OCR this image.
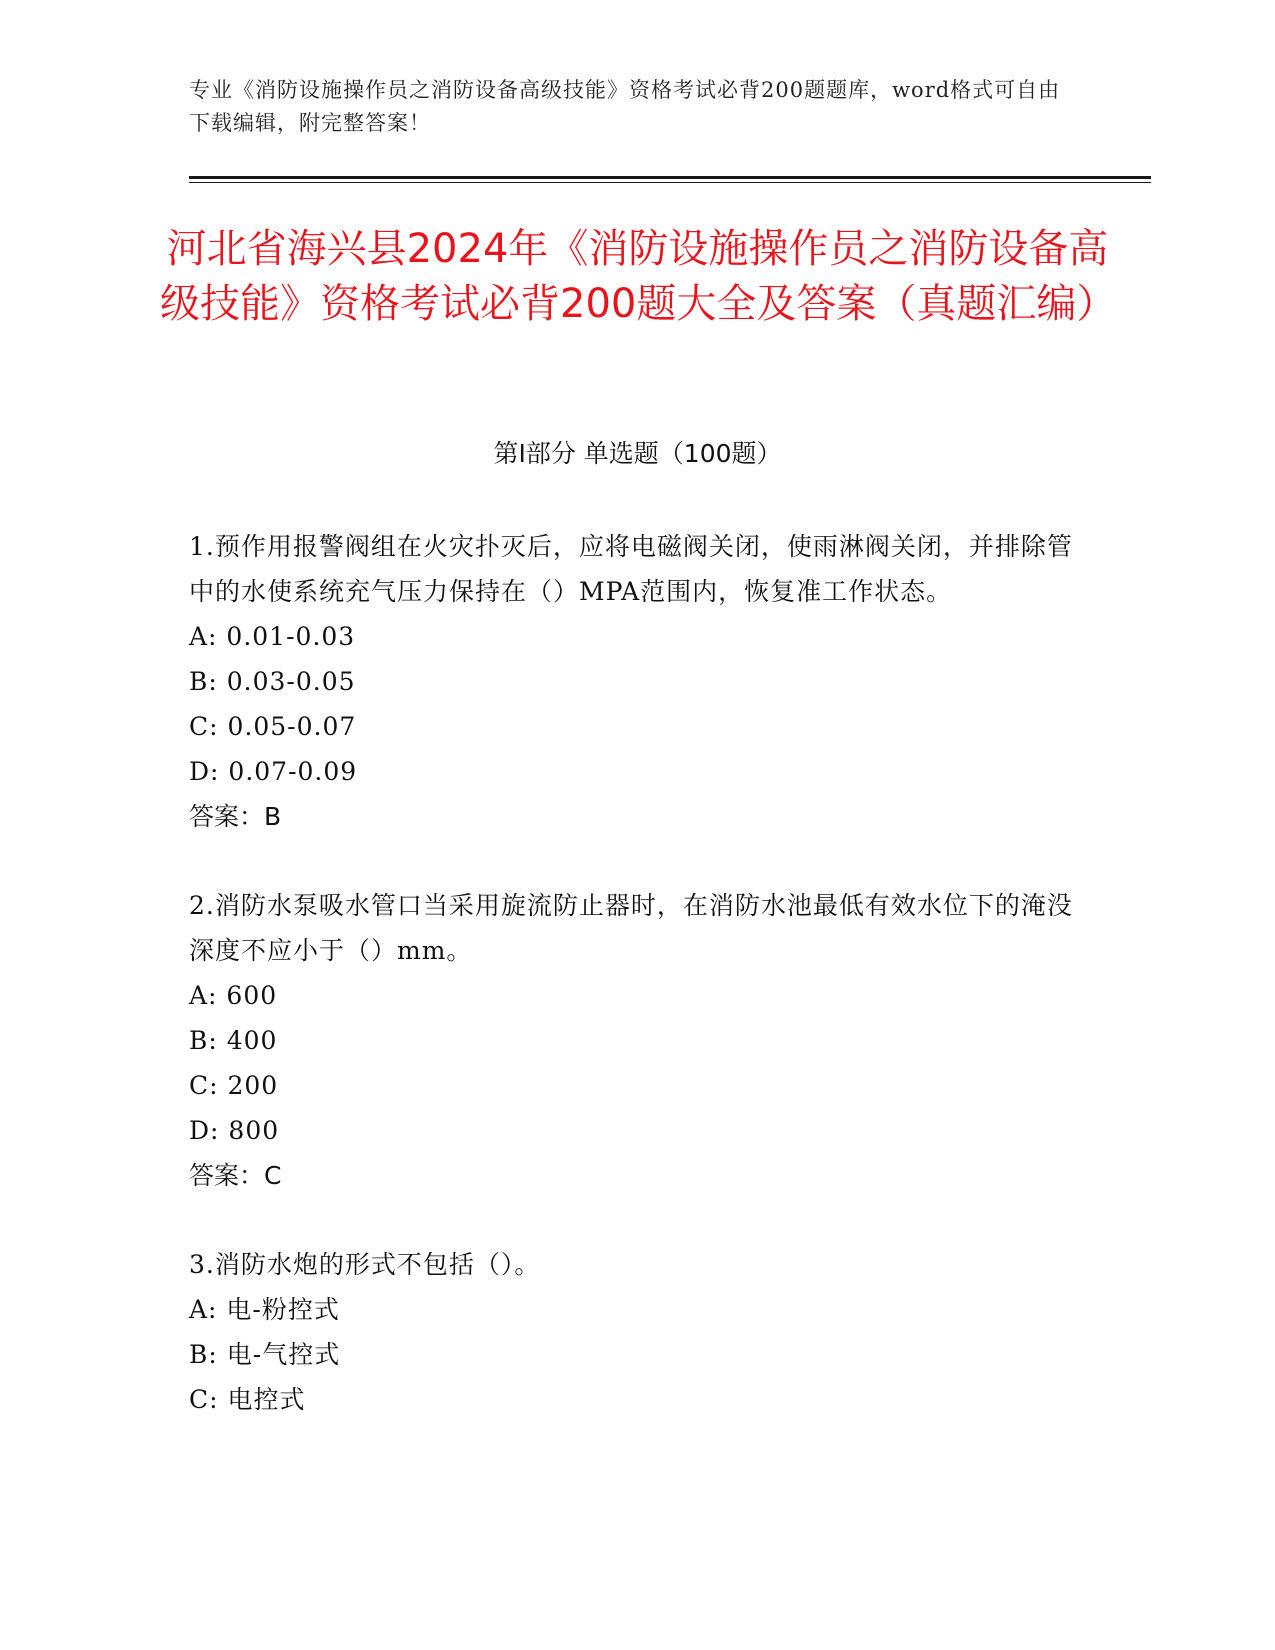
专业《消防设施操作员之消防设备高级技能》资格考试必背200题题库，word格式可自由下载编辑，附完整答案！
河北省海兴县2024年《消防设施操作员之消防设备高级技能》资格考试必背200题大全及答案（真题汇编）
第I部分 单选题（100题）

1.预作用报警阀组在火灾扑灭后，应将电磁阀关闭，使雨淋阀关闭，并排除管中的水使系统充气压力保持在（）MPA范围内，恢复准工作状态。

A: 0.01-0.03

B: 0.03-0.05

C: 0.05-0.07

D: 0.07-0.09

答案：B

2.消防水泵吸水管口当采用旋流防止器时，在消防水池最低有效水位下的淹没深度不应小于（）mm。

A: 600

B: 400

C: 200

D: 800

答案：C

3.消防水炮的形式不包括（）。

A: 电-粉控式

B: 电-气控式

C: 电控式
